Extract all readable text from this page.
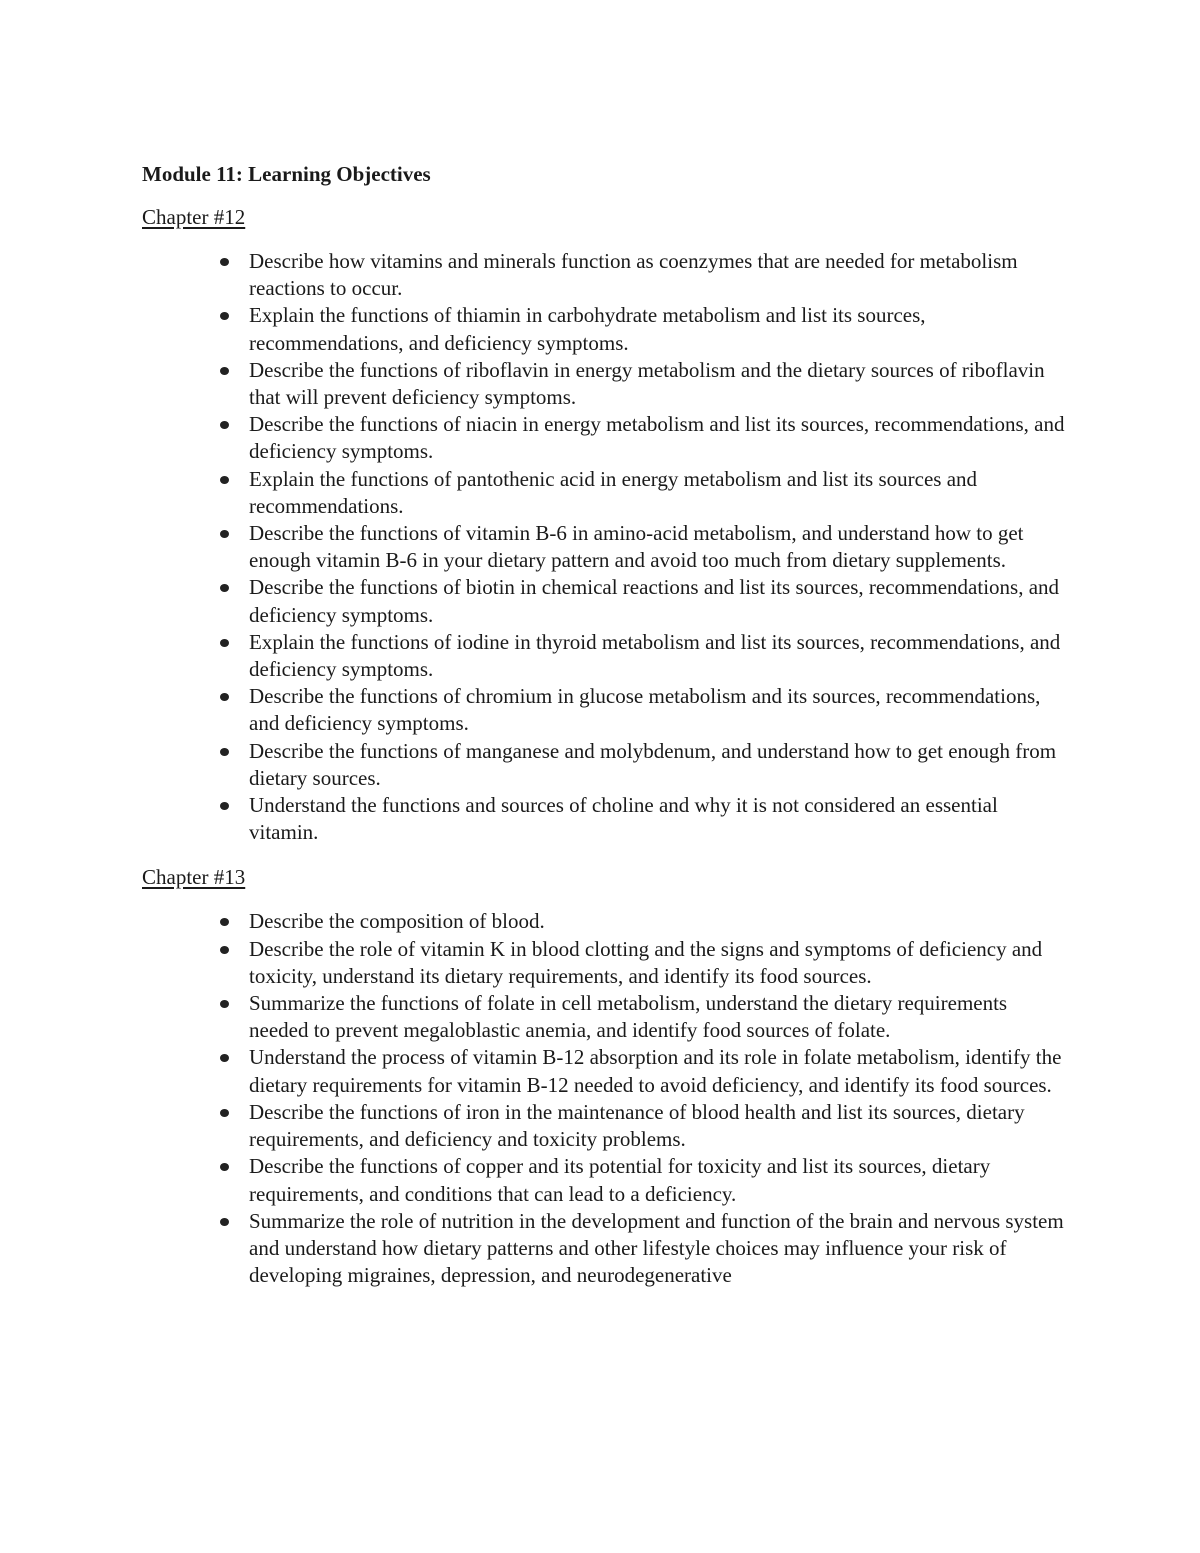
Module 11: Learning Objectives
Chapter #12
Describe how vitamins and minerals function as coenzymes that are needed for metabolism reactions to occur.
Explain the functions of thiamin in carbohydrate metabolism and list its sources, recommendations, and deficiency symptoms.
Describe the functions of riboflavin in energy metabolism and the dietary sources of riboflavin that will prevent deficiency symptoms.
Describe the functions of niacin in energy metabolism and list its sources, recommendations, and deficiency symptoms.
Explain the functions of pantothenic acid in energy metabolism and list its sources and recommendations.
Describe the functions of vitamin B-6 in amino-acid metabolism, and understand how to get enough vitamin B-6 in your dietary pattern and avoid too much from dietary supplements.
Describe the functions of biotin in chemical reactions and list its sources, recommendations, and deficiency symptoms.
Explain the functions of iodine in thyroid metabolism and list its sources, recommendations, and deficiency symptoms.
Describe the functions of chromium in glucose metabolism and its sources, recommendations, and deficiency symptoms.
Describe the functions of manganese and molybdenum, and understand how to get enough from dietary sources.
Understand the functions and sources of choline and why it is not considered an essential vitamin.
Chapter #13
Describe the composition of blood.
Describe the role of vitamin K in blood clotting and the signs and symptoms of deficiency and toxicity, understand its dietary requirements, and identify its food sources.
Summarize the functions of folate in cell metabolism, understand the dietary requirements needed to prevent megaloblastic anemia, and identify food sources of folate.
Understand the process of vitamin B-12 absorption and its role in folate metabolism, identify the dietary requirements for vitamin B-12 needed to avoid deficiency, and identify its food sources.
Describe the functions of iron in the maintenance of blood health and list its sources, dietary requirements, and deficiency and toxicity problems.
Describe the functions of copper and its potential for toxicity and list its sources, dietary requirements, and conditions that can lead to a deficiency.
Summarize the role of nutrition in the development and function of the brain and nervous system and understand how dietary patterns and other lifestyle choices may influence your risk of developing migraines, depression, and neurodegenerative
